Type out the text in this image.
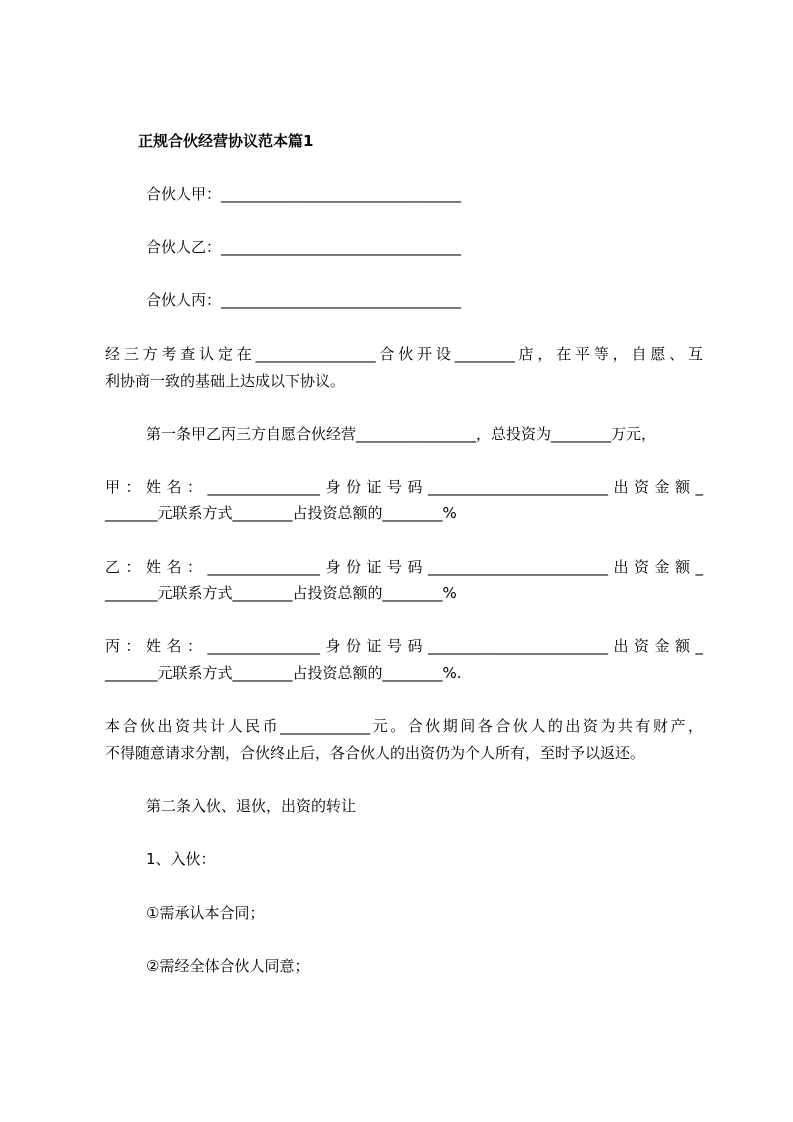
正规合伙经营协议范本篇1
合伙人甲：________________________________
合伙人乙：________________________________
合伙人丙：________________________________
经三方考查认定在________________合伙开设________店，在平等，自愿、互
利协商一致的基础上达成以下协议。
第一条甲乙丙三方自愿合伙经营________________，总投资为________万元，
甲：姓名：_______________身份证号码________________________出资金额_
_______元联系方式________占投资总额的________%
乙：姓名：_______________身份证号码________________________出资金额_
_______元联系方式________占投资总额的________%
丙：姓名：_______________身份证号码________________________出资金额_
_______元联系方式________占投资总额的________%.
本合伙出资共计人民币____________元。合伙期间各合伙人的出资为共有财产，
不得随意请求分割，合伙终止后，各合伙人的出资仍为个人所有，至时予以返还。
第二条入伙、退伙，出资的转让
1、入伙：
①需承认本合同；
②需经全体合伙人同意；
